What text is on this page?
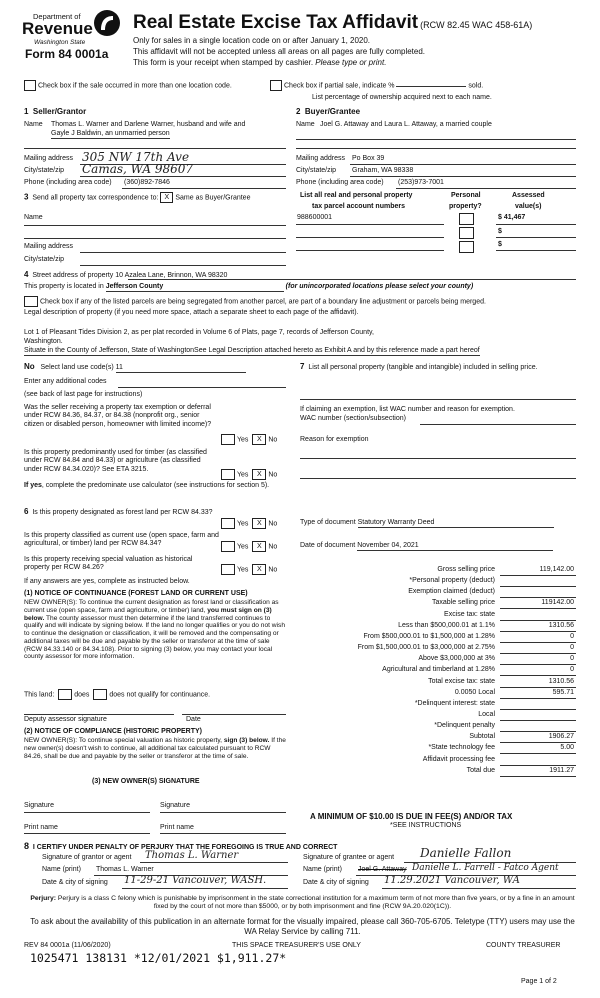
Department of
Revenue
Washington State
Form 84 0001a
Real Estate Excise Tax Affidavit (RCW 82.45 WAC 458-61A)
Only for sales in a single location code on or after January 1, 2020.
This affidavit will not be accepted unless all areas on all pages are fully completed.
This form is your receipt when stamped by cashier. Please type or print.
Check box if the sale occurred in more than one location code.	Check box if partial sale, indicate %	sold.
List percentage of ownership acquired next to each name.
1 Seller/Grantor
Name Thomas L. Warner and Darlene Warner, husband and wife and
Gayle J Baldwin, an unmarried person
Mailing address 305 NW 17th Ave
City/state/zip Camas, WA 98607
Phone (including area code) (360)892-7846
2 Buyer/Grantee
Name Joel G. Attaway and Laura L. Attaway, a married couple
Mailing address Po Box 39
City/state/zip Graham, WA 98338
Phone (including area code) (253)973-7001
3 Send all property tax correspondence to: X Same as Buyer/Grantee
Name
Mailing address
City/state/zip
List all real and personal property
tax parcel account numbers
Personal
property?
Assessed
value(s)
988600001	$ 41,467
$
$
4 Street address of property 10 Azalea Lane, Brinnon, WA 98320
This property is located in Jefferson County	(for unincorporated locations please select your county)
Check box if any of the listed parcels are being segregated from another parcel, are part of a boundary line adjustment or parcels being merged.
Legal description of property (if you need more space, attach a separate sheet to each page of the affidavit).
Lot 1 of Pleasant Tides Division 2, as per plat recorded in Volume 6 of Plats, page 7, records of Jefferson County,
Washington.
Situate in the County of Jefferson, State of WashingtonSee Legal Description attached hereto as Exhibit A and by this reference made a part hereof
No Select land use code(s) 11
Enter any additional codes
(see back of last page for instructions)
Was the seller receiving a property tax exemption or deferral under RCW 84.36, 84.37, or 84.38 (nonprofit org., senior citizen or disabled person, homeowner with limited income)?
Yes X No
Is this property predominantly used for timber (as classified under RCW 84.84 and 84.33) or agriculture (as classified under RCW 84.34.020)? See ETA 3215.
Yes X No
If yes, complete the predominate use calculator (see instructions for section 5).
7 List all personal property (tangible and intangible) included in selling price.
If claiming an exemption, list WAC number and reason for exemption.
WAC number (section/subsection)
Reason for exemption
6 Is this property designated as forest land per RCW 84.33?
Yes X No
Is this property classified as current use (open space, farm and agricultural, or timber) land per RCW 84.34?	Yes X No
Is this property receiving special valuation as historical property per RCW 84.26?	Yes X No
If any answers are yes, complete as instructed below.
(1) NOTICE OF CONTINUANCE (FOREST LAND OR CURRENT USE)
NEW OWNER(S): To continue the current designation as forest land or classification as current use (open space, farm and agriculture, or timber) land, you must sign on (3) below. The county assessor must then determine if the land transferred continues to qualify and will indicate by signing below. If the land no longer qualifies or you do not wish to continue the designation or classification, it will be removed and the compensating or additional taxes will be due and payable by the seller or transferor at the time of sale (RCW 84.33.140 or 84.34.108). Prior to signing (3) below, you may contact your local county assessor for more information.
This land:	does	does not qualify for continuance.
Deputy assessor signature	Date
(2) NOTICE OF COMPLIANCE (HISTORIC PROPERTY)
NEW OWNER(S): To continue special valuation as historic property, sign (3) below. If the new owner(s) doesn't wish to continue, all additional tax calculated pursuant to RCW 84.26, shall be due and payable by the seller or transferor at the time of sale.
(3) NEW OWNER(S) SIGNATURE
Signature	Signature
Print name	Print name
Type of document Statutory Warranty Deed
Date of document November 04, 2021
Gross selling price	119,142.00
*Personal property (deduct)
Exemption claimed (deduct)
Taxable selling price	119142.00
Excise tax: state
Less than $500,000.01 at 1.1%	1310.56
From $500,000.01 to $1,500,000 at 1.28%	0
From $1,500,000.01 to $3,000,000 at 2.75%	0
Above $3,000,000 at 3%	0
Agricultural and timberland at 1.28%	0
Total excise tax: state	1310.56
0.0050 Local	595.71
*Delinquent interest: state
Local
*Delinquent penalty
Subtotal	1906.27
*State technology fee	5.00
Affidavit processing fee
Total due	1911.27
A MINIMUM OF $10.00 IS DUE IN FEE(S) AND/OR TAX
*SEE INSTRUCTIONS
8 I CERTIFY UNDER PENALTY OF PERJURY THAT THE FOREGOING IS TRUE AND CORRECT
Signature of grantor or agent Thomas L. Warner
Name (print) Thomas L. Warner
Date & city of signing 11-29-21 Vancouver, WASH.
Signature of grantee or agent Danielle Fallon
Name (print) Joel G. Attaway Danielle L. Farrell - Fatco Agent
Date & city of signing 11.29.2021 Vancouver, WA
Perjury: Perjury is a class C felony which is punishable by imprisonment in the state correctional institution for a maximum term of not more than five years, or by a fine in an amount fixed by the court of not more than $5000, or by both imprisonment and fine (RCW 9A.20.020(1C)).
To ask about the availability of this publication in an alternate format for the visually impaired, please call 360-705-6705. Teletype (TTY) users may use the WA Relay Service by calling 711.
REV 84 0001a (11/06/2020)	THIS SPACE TREASURER'S USE ONLY	COUNTY TREASURER
1025471 138131 *12/01/2021 $1,911.27*
Page 1 of 2
